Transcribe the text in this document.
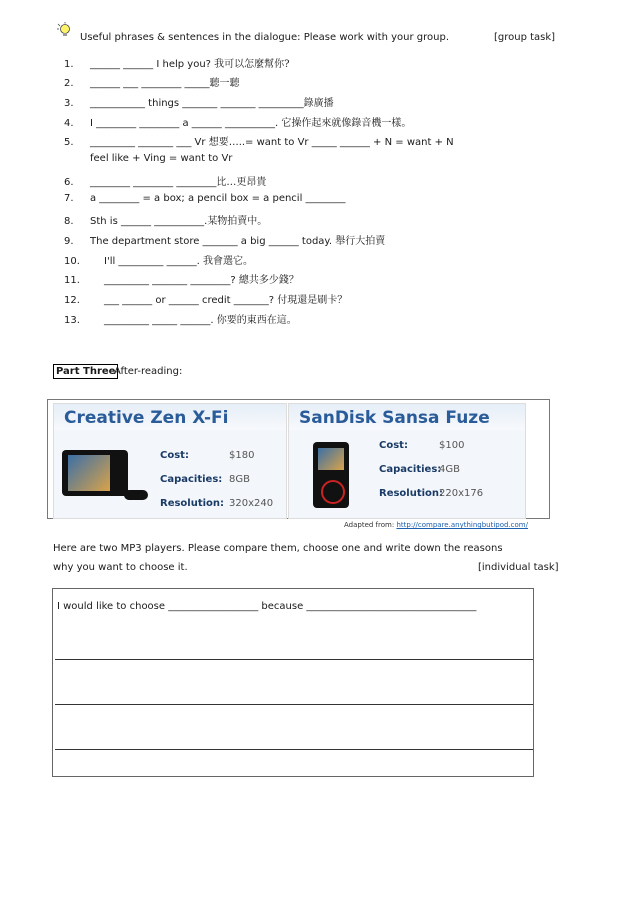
Useful phrases & sentences in the dialogue: Please work with your group.	[group task]
1. ______ ______ I help you? 我可以怎麼幫你?
2. ______ ___ ________ _____聽一聽
3. ___________ things _______ _______ _________錄廣播
4. I ________ ________ a ______ __________. 它操作起來就像錄音機一樣。
5. _________ _______ ___ Vr 想要…..= want to Vr _____ ______ + N = want + N
feel like + Ving = want to Vr
6. ________ ________ ________比…更昂貴
7. a ________ = a box; a pencil box = a pencil ________
8. Sth is ______ __________.某物拍賣中。
9. The department store _______ a big ______ today. 舉行大拍賣
10. I'll _________ ______. 我會選它。
11. _________ _______ ________? 總共多少錢？
12. ___ ______ or ______ credit _______? 付現還是刷卡？
13. _________ _____ ______. 你要的東西在這。
Part Three
After-reading:
Creative Zen X-Fi
Cost:	$180
Capacities: 8GB
Resolution: 320x240
SanDisk Sansa Fuze
Cost:	$100
Capacities:
4GB
Resolution:
220x176
Adapted from: http://compare.anythingbutipod.com/
Here are two MP3 players. Please compare them, choose one and write down the reasons
why you want to choose it.	[individual task]
I would like to choose __________________ because __________________________________
